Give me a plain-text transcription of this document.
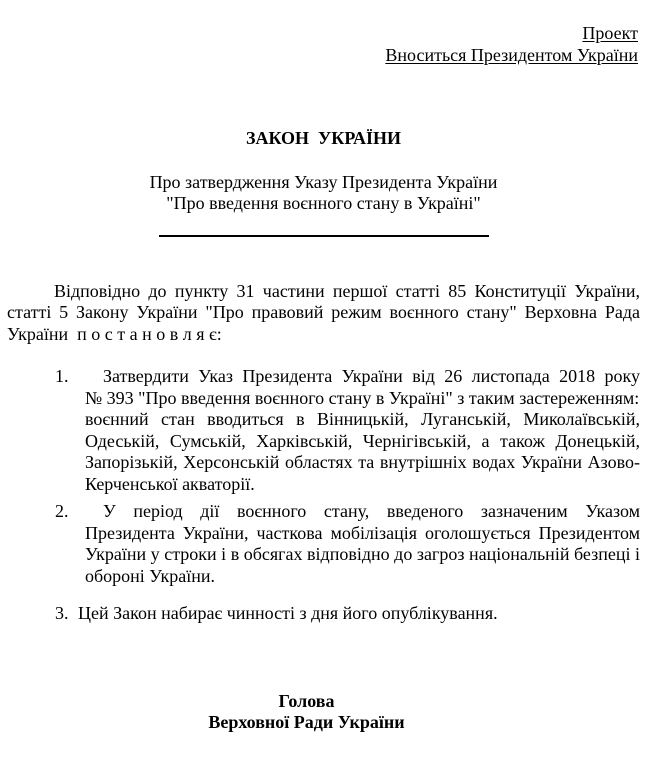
Проект
Вноситься Президентом України
ЗАКОН  УКРАЇНИ
Про затвердження Указу Президента України
"Про введення воєнного стану в Україні"
Відповідно до пункту 31 частини першої статті 85 Конституції України, статті 5 Закону України "Про правовий режим воєнного стану" Верховна Рада України  п о с т а н о в л я є:
1.	Затвердити Указ Президента України від 26 листопада 2018 року № 393 "Про введення воєнного стану в Україні" з таким застереженням:
воєнний стан вводиться в Вінницькій, Луганській, Миколаївській, Одеській, Сумській, Харківській, Чернігівській, а також Донецькій, Запорізькій, Херсонській областях та внутрішніх водах України Азово-Керченської акваторії.
2.	У період дії воєнного стану, введеного зазначеним Указом Президента України, часткова мобілізація оголошується Президентом України у строки і в обсягах відповідно до загроз національній безпеці і обороні України.
3. Цей Закон набирає чинності з дня його опублікування.
Голова
Верховної Ради України
